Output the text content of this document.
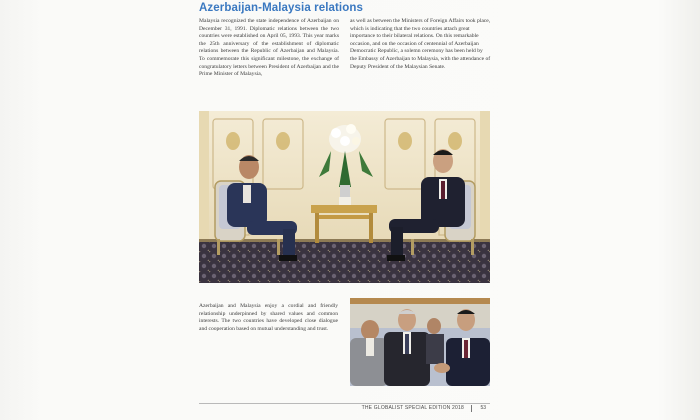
Azerbaijan-Malaysia relations

Malaysia recognized the state independence of Azerbaijan on December 31, 1991. Diplomatic relations between the two countries were established on April 05, 1993. This year marks the 25th anniversary of the establishment of diplomatic relations between the Republic of Azerbaijan and Malaysia. To commemorate this significant milestone, the exchange of congratulatory letters between President of Azerbaijan and the Prime Minister of Malaysia,

as well as between the Ministers of Foreign Affairs took place, which is indicating that the two countries attach great importance to their bilateral relations. On this remarkable occasion, and on the occasion of centennial of Azerbaijan Democratic Republic, a solemn ceremony has been held by the Embassy of Azerbaijan to Malaysia, with the attendance of Deputy President of the Malaysian Senate.

Azerbaijan and Malaysia enjoy a cordial and friendly relationship underpinned by shared values and common interests. The two countries have developed close dialogue and cooperation based on mutual understanding and trust.

THE GLOBALIST SPECIAL EDITION 2018	53
